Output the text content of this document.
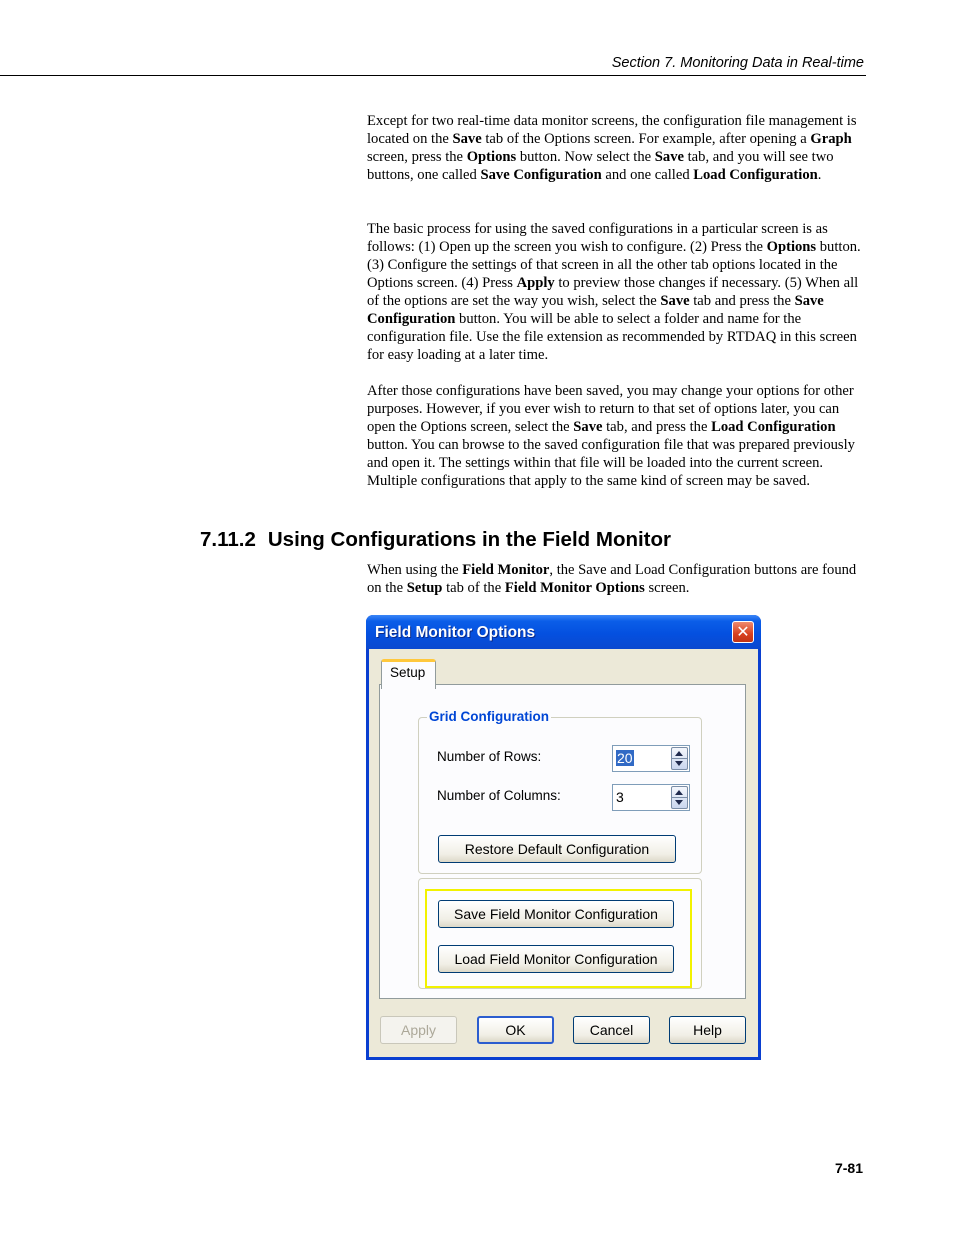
Section 7. Monitoring Data in Real-time

Except for two real-time data monitor screens, the configuration file management is located on the Save tab of the Options screen. For example, after opening a Graph screen, press the Options button. Now select the Save tab, and you will see two buttons, one called Save Configuration and one called Load Configuration.

The basic process for using the saved configurations in a particular screen is as follows: (1) Open up the screen you wish to configure. (2) Press the Options button. (3) Configure the settings of that screen in all the other tab options located in the Options screen. (4) Press Apply to preview those changes if necessary. (5) When all of the options are set the way you wish, select the Save tab and press the Save Configuration button. You will be able to select a folder and name for the configuration file. Use the file extension as recommended by RTDAQ in this screen for easy loading at a later time.

After those configurations have been saved, you may change your options for other purposes. However, if you ever wish to return to that set of options later, you can open the Options screen, select the Save tab, and press the Load Configuration button. You can browse to the saved configuration file that was prepared previously and open it. The settings within that file will be loaded into the current screen. Multiple configurations that apply to the same kind of screen may be saved.

7.11.2 Using Configurations in the Field Monitor

When using the Field Monitor, the Save and Load Configuration buttons are found on the Setup tab of the Field Monitor Options screen.

Field Monitor Options	✕
Setup
Grid Configuration
Number of Rows:	20
Number of Columns:	3
Restore Default Configuration
Save Field Monitor Configuration
Load Field Monitor Configuration
Apply	OK	Cancel	Help
7-81
